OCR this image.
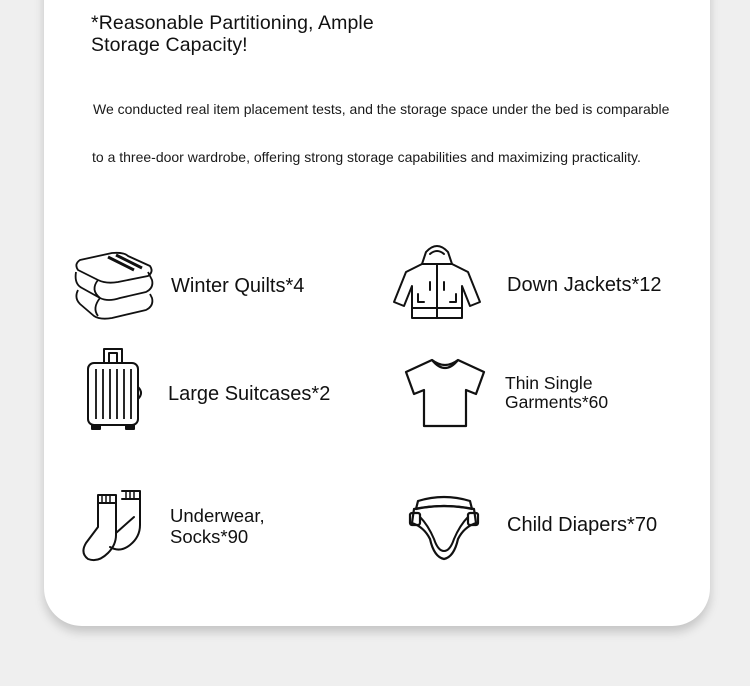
*Reasonable Partitioning, Ample
Storage Capacity!
We conducted real item placement tests, and the storage space under the bed is comparable
to a three-door wardrobe, offering strong storage capabilities and maximizing practicality.
Winter Quilts*4	Down Jackets*12
Large Suitcases*2	Thin Single
Garments*60
Underwear,
Socks*90
Child Diapers*70
